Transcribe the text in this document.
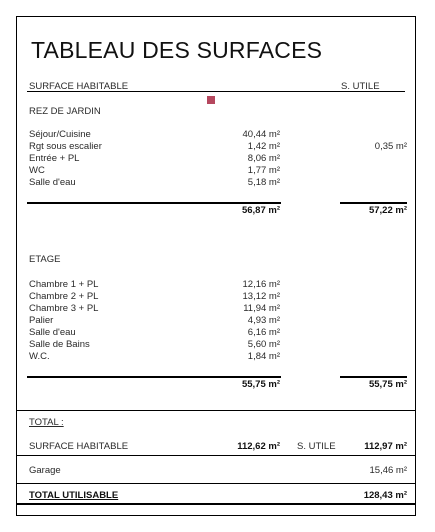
TABLEAU DES SURFACES
SURFACE HABITABLE	S. UTILE
REZ DE JARDIN
Séjour/Cuisine	40,44 m²
Rgt sous escalier	1,42 m²	0,35 m²
Entrée + PL	8,06 m²
WC	1,77 m²
Salle d'eau	5,18 m²
56,87 m²	57,22 m²
ETAGE
Chambre 1 + PL	12,16 m²
Chambre 2 + PL	13,12 m²
Chambre 3 + PL	11,94 m²
Palier	4,93 m²
Salle d'eau	6,16 m²
Salle de Bains	5,60 m²
W.C.	1,84 m²
55,75 m²	55,75 m²
TOTAL :
SURFACE HABITABLE	112,62 m² S. UTILE	112,97 m²
Garage	15,46 m²
TOTAL UTILISABLE	128,43 m²
